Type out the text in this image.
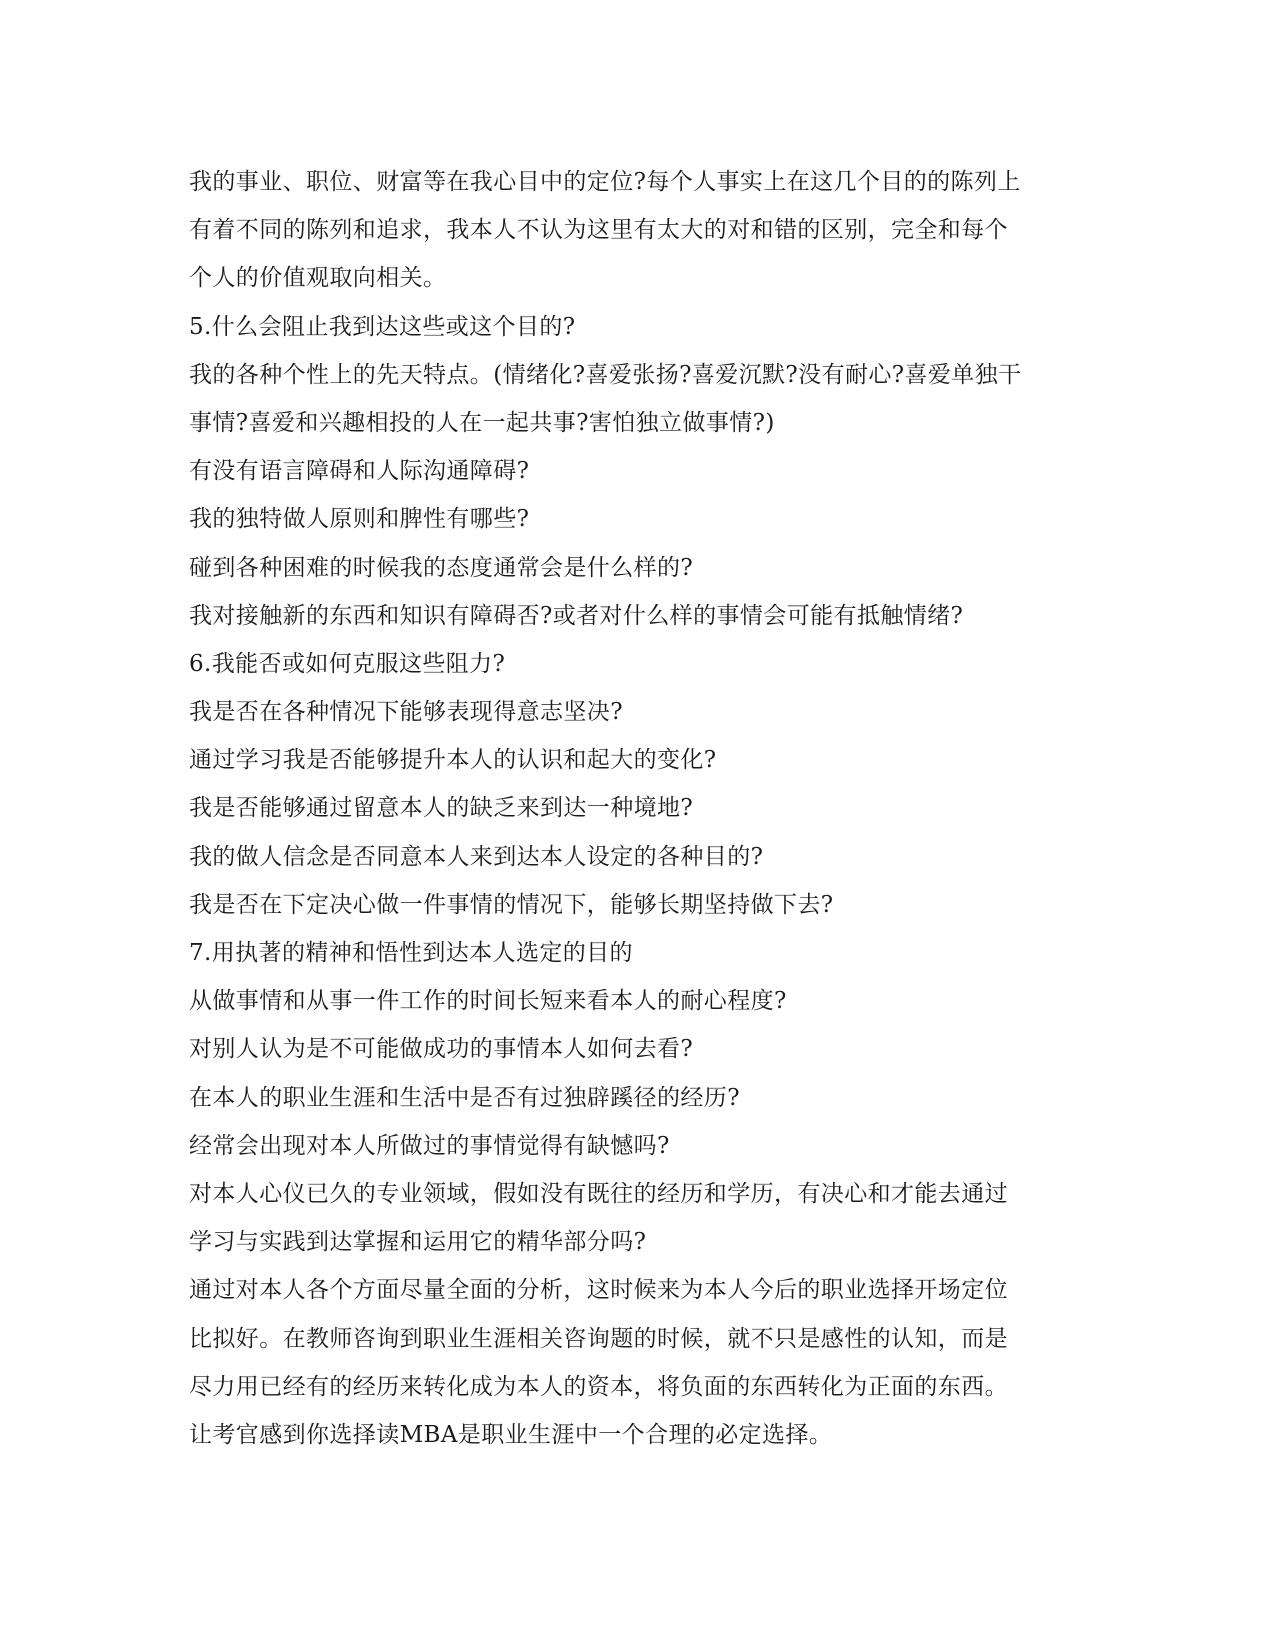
我的事业、职位、财富等在我心目中的定位?每个人事实上在这几个目的的陈列上
有着不同的陈列和追求，我本人不认为这里有太大的对和错的区别，完全和每个
个人的价值观取向相关。
5.什么会阻止我到达这些或这个目的?
我的各种个性上的先天特点。(情绪化?喜爱张扬?喜爱沉默?没有耐心?喜爱单独干
事情?喜爱和兴趣相投的人在一起共事?害怕独立做事情?)
有没有语言障碍和人际沟通障碍?
我的独特做人原则和脾性有哪些?
碰到各种困难的时候我的态度通常会是什么样的?
我对接触新的东西和知识有障碍否?或者对什么样的事情会可能有抵触情绪?
6.我能否或如何克服这些阻力?
我是否在各种情况下能够表现得意志坚决?
通过学习我是否能够提升本人的认识和起大的变化?
我是否能够通过留意本人的缺乏来到达一种境地?
我的做人信念是否同意本人来到达本人设定的各种目的?
我是否在下定决心做一件事情的情况下，能够长期坚持做下去?
7.用执著的精神和悟性到达本人选定的目的
从做事情和从事一件工作的时间长短来看本人的耐心程度?
对别人认为是不可能做成功的事情本人如何去看?
在本人的职业生涯和生活中是否有过独辟蹊径的经历?
经常会出现对本人所做过的事情觉得有缺憾吗?
对本人心仪已久的专业领域，假如没有既往的经历和学历，有决心和才能去通过
学习与实践到达掌握和运用它的精华部分吗?
通过对本人各个方面尽量全面的分析，这时候来为本人今后的职业选择开场定位
比拟好。在教师咨询到职业生涯相关咨询题的时候，就不只是感性的认知，而是
尽力用已经有的经历来转化成为本人的资本，将负面的东西转化为正面的东西。
让考官感到你选择读MBA是职业生涯中一个合理的必定选择。
